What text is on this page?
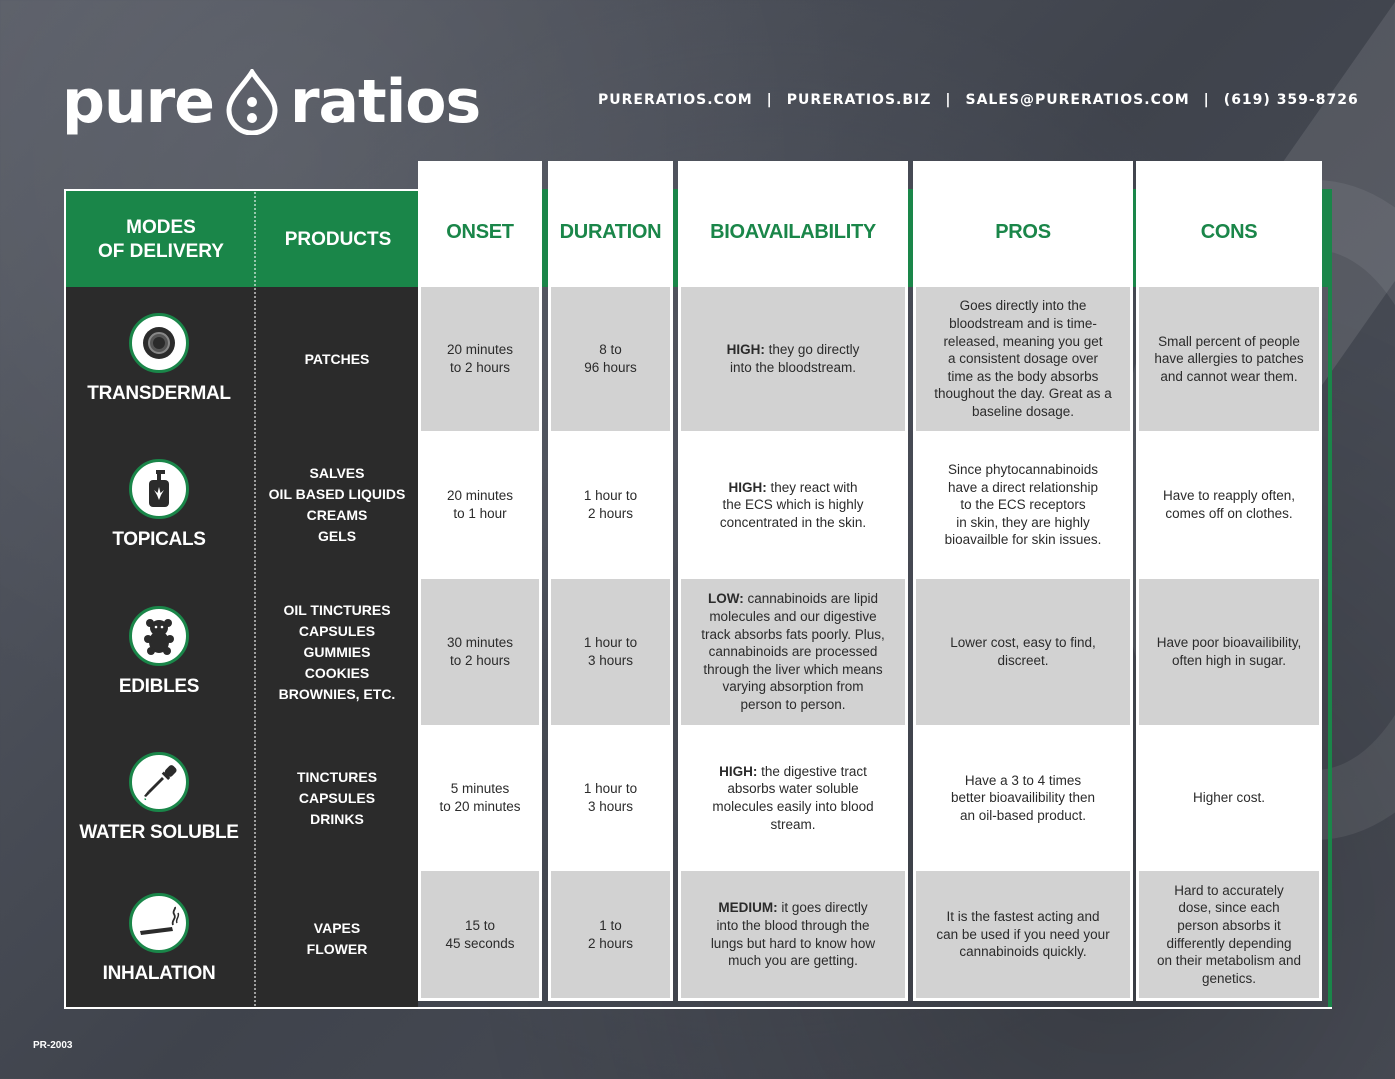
pure ratios	PURERATIOS.COM | PURERATIOS.BIZ | SALES@PURERATIOS.COM | (619) 359-8726
MODES
OF DELIVERY
PRODUCTS
TRANSDERMAL
PATCHES
TOPICALS
SALVES
OIL BASED LIQUIDS
CREAMS
GELS
EDIBLES
OIL TINCTURES
CAPSULES
GUMMIES
COOKIES
BROWNIES, ETC.
WATER SOLUBLE
TINCTURES
CAPSULES
DRINKS
INHALATION
VAPES
FLOWER
ONSET
20 minutes
to 2 hours
20 minutes
to 1 hour
30 minutes
to 2 hours
5 minutes
to 20 minutes
15 to
45 seconds
DURATION
8 to
96 hours
1 hour to
2 hours
1 hour to
3 hours
1 hour to
3 hours
1 to
2 hours
BIOAVAILABILITY
HIGH: they go directly
into the bloodstream.
HIGH: they react with
the ECS which is highly
concentrated in the skin.
LOW: cannabinoids are lipid
molecules and our digestive
track absorbs fats poorly. Plus,
cannabinoids are processed
through the liver which means
varying absorption from
person to person.
HIGH: the digestive tract
absorbs water soluble
molecules easily into blood
stream.
MEDIUM: it goes directly
into the blood through the
lungs but hard to know how
much you are getting.
PROS
Goes directly into the
bloodstream and is time-
released, meaning you get
a consistent dosage over
time as the body absorbs
thoughout the day. Great as a
baseline dosage.
Since phytocannabinoids
have a direct relationship
to the ECS receptors
in skin, they are highly
bioavailble for skin issues.
Lower cost, easy to find,
discreet.
Have a 3 to 4 times
better bioavailibility then
an oil-based product.
It is the fastest acting and
can be used if you need your
cannabinoids quickly.
CONS
Small percent of people
have allergies to patches
and cannot wear them.
Have to reapply often,
comes off on clothes.
Have poor bioavailibility,
often high in sugar.
Higher cost.
Hard to accurately
dose, since each
person absorbs it
differently depending
on their metabolism and
genetics.
PR-2003
